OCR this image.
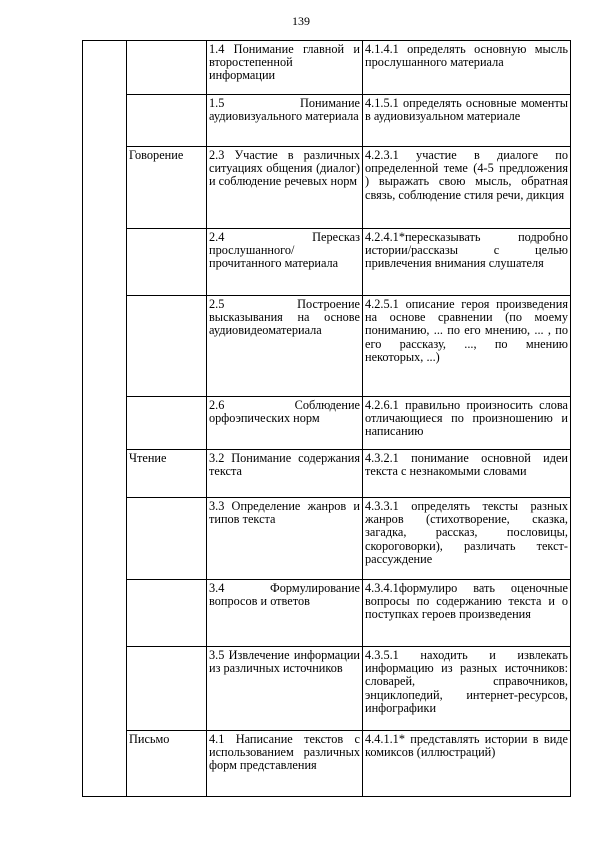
139
		1.4 Понимание главной и второстепенной информации	4.1.4.1 определять основную мысль прослушанного материала
		1.5 Понимание аудиовизуального материала	4.1.5.1 определять основные моменты в аудиовизуальном материале
	Говорение	2.3 Участие в различных ситуациях общения (диалог) и соблюдение речевых норм	4.2.3.1 участие в диалоге по определенной теме (4-5 предложения ) выражать свою мысль, обратная связь, соблюдение стиля речи, дикция
		2.4 Пересказ прослушанного/прочитанного материала	4.2.4.1*пересказывать подробно истории/рассказы с целью привлечения внимания слушателя
		2.5 Построение высказывания на основе аудиовидеоматериала	4.2.5.1 описание героя произведения на основе сравнении (по моему пониманию, ... по его мнению, ... , по его рассказу, ..., по мнению некоторых, ...)
		2.6 Соблюдение орфоэпических норм	4.2.6.1 правильно произносить слова отличающиеся по произношению и написанию
	Чтение	3.2 Понимание содержания текста	4.3.2.1 понимание основной идеи текста с незнакомыми словами
		3.3 Определение жанров и типов текста	4.3.3.1 определять тексты разных жанров (стихотворение, сказка, загадка, рассказ, пословицы, скороговорки), различать текст-рассуждение
		3.4 Формулирование вопросов и ответов	4.3.4.1формулиро вать оценочные вопросы по содержанию текста и о поступках героев произведения
		3.5 Извлечение информации из различных источников	4.3.5.1 находить и извлекать информацию из разных источников: словарей, справочников, энциклопедий, интернет-ресурсов, инфографики
	Письмо	4.1 Написание текстов с использованием различных форм представления	4.4.1.1* представлять истории в виде комиксов (иллюстраций)
